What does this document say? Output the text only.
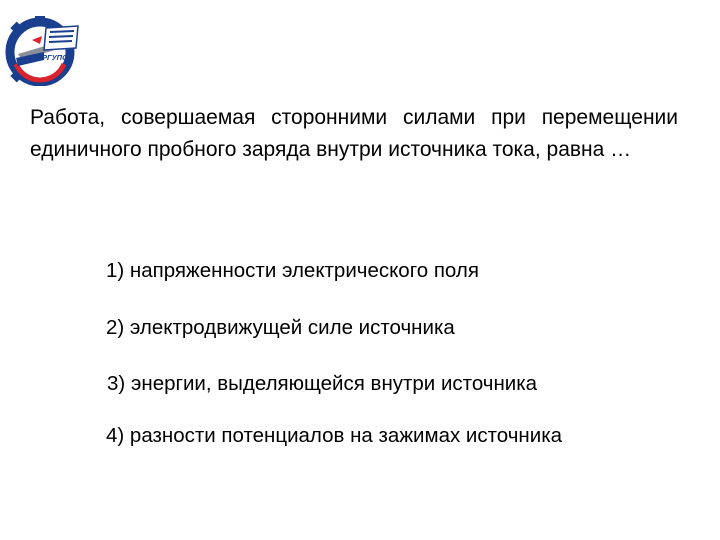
РГУПС

Работа, совершаемая сторонними силами при перемещении единичного пробного заряда внутри источника тока, равна …

1) напряженности электрического поля

2) электродвижущей силе источника

3) энергии, выделяющейся внутри источника

4) разности потенциалов на зажимах источника
